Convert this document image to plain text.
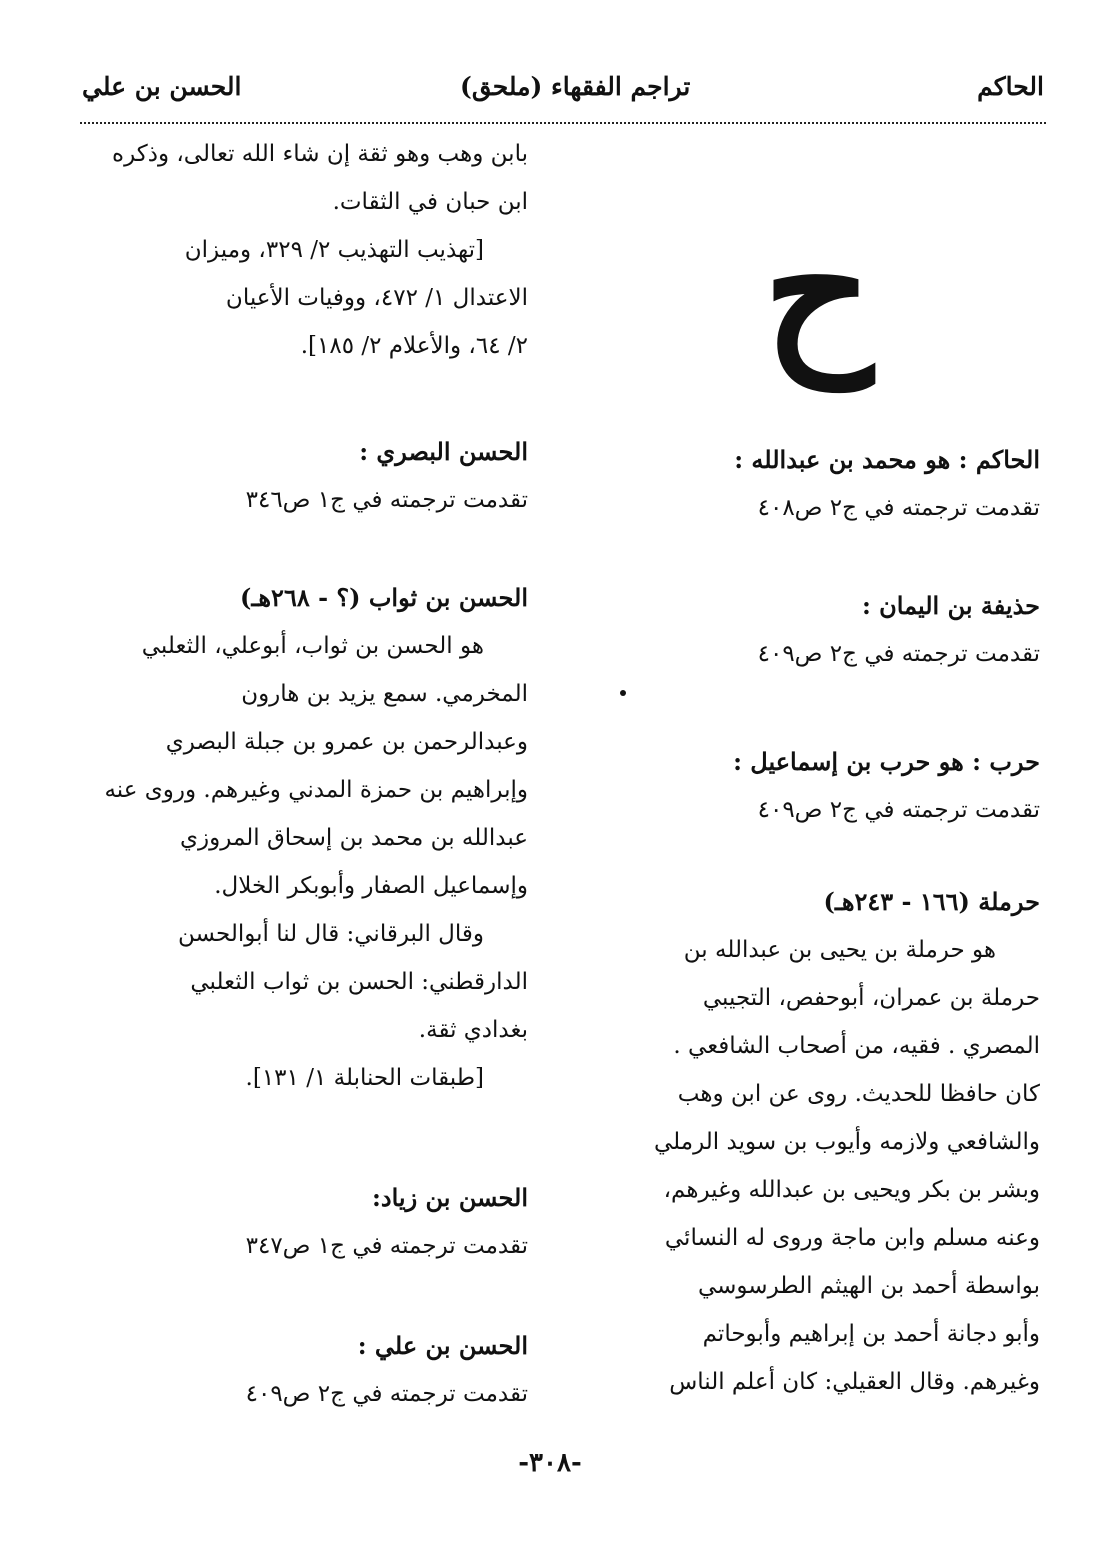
الحاكم
(ملحق) تراجم الفقهاء
الحسن بن علي
ح
الحاكم : هو محمد بن عبدالله :
تقدمت ترجمته في ج٢ ص٤٠٨
حذيفة بن اليمان :
تقدمت ترجمته في ج٢ ص٤٠٩
حرب : هو حرب بن إسماعيل :
تقدمت ترجمته في ج٢ ص٤٠٩
حرملة (١٦٦ - ٢٤٣هـ)
هو حرملة بن يحيى بن عبدالله بن
حرملة بن عمران، أبوحفص، التجيبي
المصري . فقيه، من أصحاب الشافعي .
كان حافظا للحديث. روى عن ابن وهب
والشافعي ولازمه وأيوب بن سويد الرملي
وبشر بن بكر ويحيى بن عبدالله وغيرهم،
وعنه مسلم وابن ماجة وروى له النسائي
بواسطة أحمد بن الهيثم الطرسوسي
وأبو دجانة أحمد بن إبراهيم وأبوحاتم
وغيرهم. وقال العقيلي: كان أعلم الناس
بابن وهب وهو ثقة إن شاء الله تعالى، وذكره
ابن حبان في الثقات.
[تهذيب التهذيب ٢/ ٣٢٩، وميزان
الاعتدال ١/ ٤٧٢، ووفيات الأعيان
٢/ ٦٤، والأعلام ٢/ ١٨٥].
الحسن البصري :
تقدمت ترجمته في ج١ ص٣٤٦
الحسن بن ثواب (؟ - ٢٦٨هـ)
هو الحسن بن ثواب، أبوعلي، الثعلبي
المخرمي. سمع يزيد بن هارون
وعبدالرحمن بن عمرو بن جبلة البصري
وإبراهيم بن حمزة المدني وغيرهم. وروى عنه
عبدالله بن محمد بن إسحاق المروزي
وإسماعيل الصفار وأبوبكر الخلال.
وقال البرقاني: قال لنا أبوالحسن
الدارقطني: الحسن بن ثواب الثعلبي
بغدادي ثقة.
[طبقات الحنابلة ١/ ١٣١].
الحسن بن زياد:
تقدمت ترجمته في ج١ ص٣٤٧
الحسن بن علي :
تقدمت ترجمته في ج٢ ص٤٠٩
-٣٠٨-
